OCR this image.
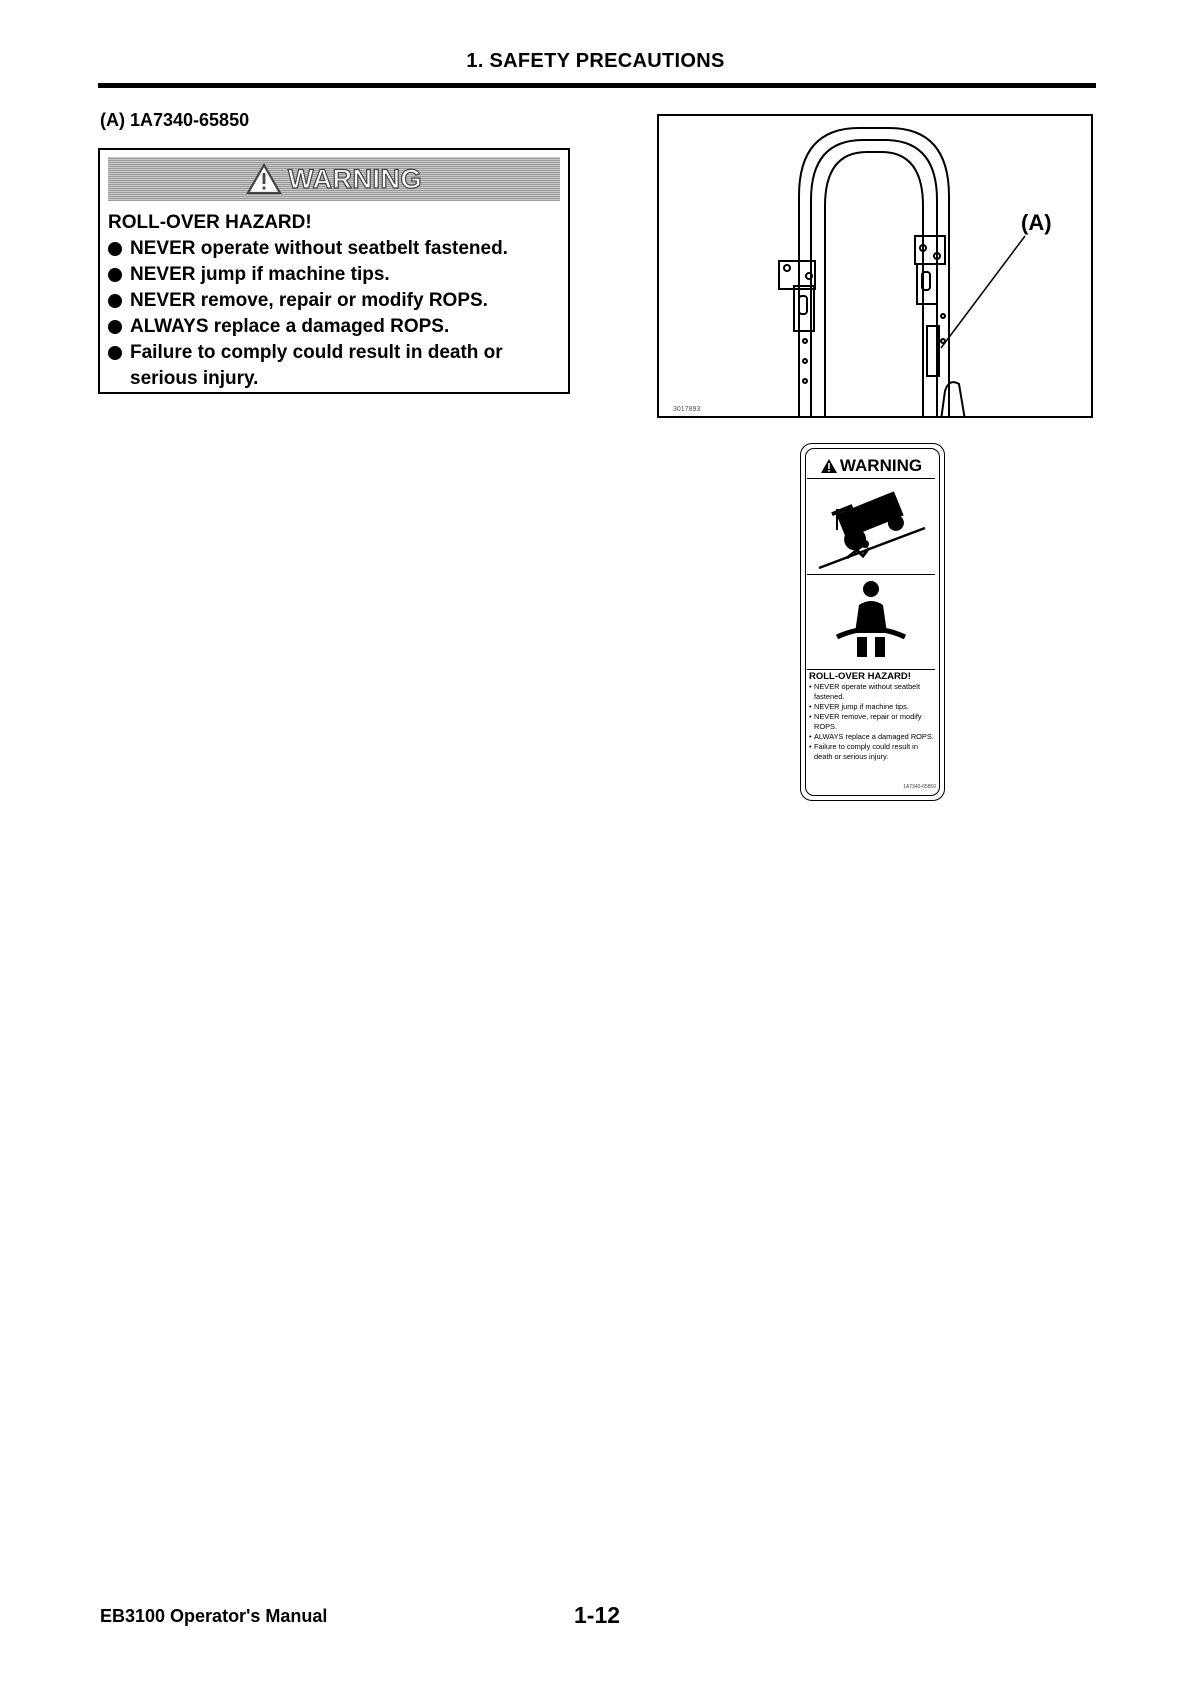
1. SAFETY PRECAUTIONS
(A) 1A7340-65850
WARNING
ROLL-OVER HAZARD!
NEVER operate without seatbelt fastened.
NEVER jump if machine tips.
NEVER remove, repair or modify ROPS.
ALWAYS replace a damaged ROPS.
Failure to comply could result in death or serious injury.
(A)
3017893
WARNING
ROLL-OVER HAZARD!
• NEVER operate without seatbelt fastened.
• NEVER jump if machine tips.
• NEVER remove, repair or modify ROPS.
• ALWAYS replace a damaged ROPS.
• Failure to comply could result in death or serious injury.
1A7340-65850
EB3100 Operator's Manual	1-12
